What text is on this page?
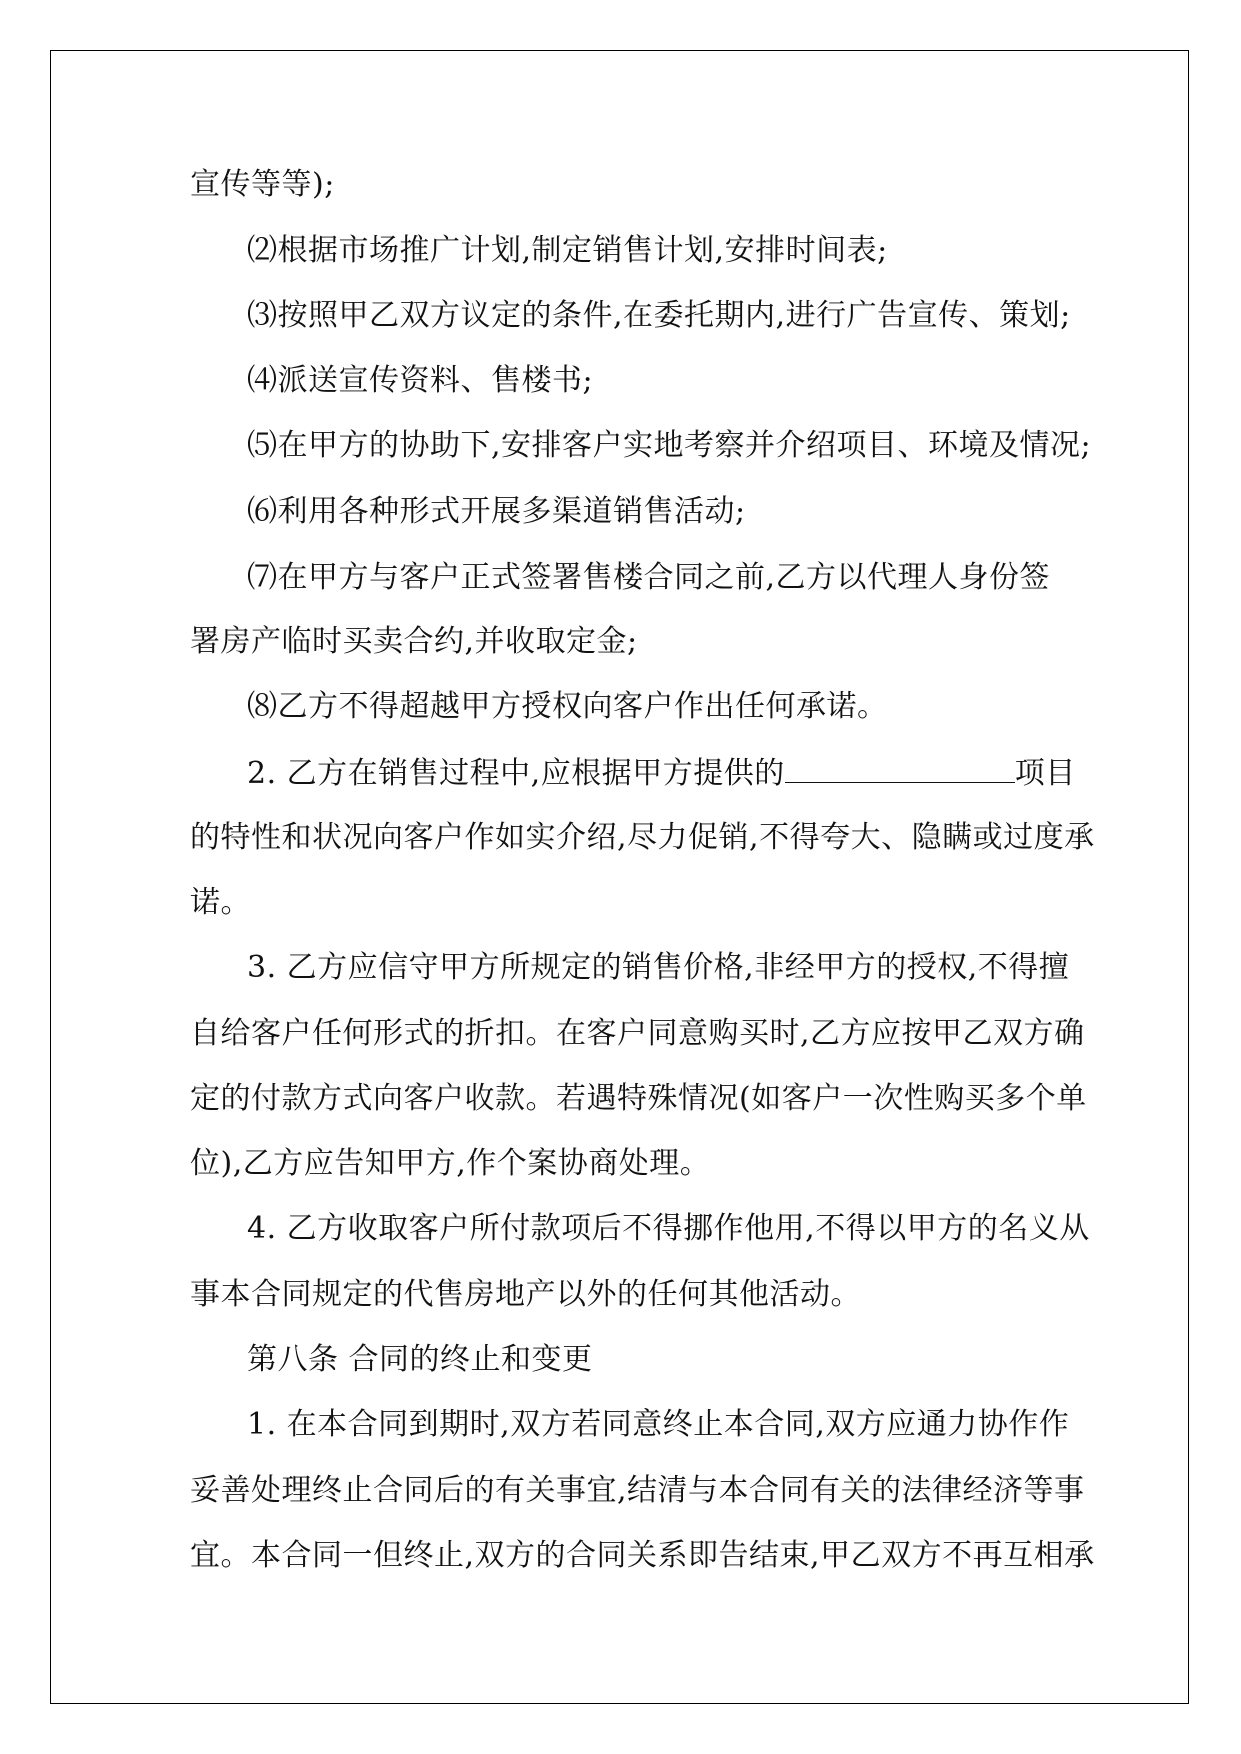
宣传等等);
⑵根据市场推广计划,制定销售计划,安排时间表;
⑶按照甲乙双方议定的条件,在委托期内,进行广告宣传、策划;
⑷派送宣传资料、售楼书;
⑸在甲方的协助下,安排客户实地考察并介绍项目、环境及情况;
⑹利用各种形式开展多渠道销售活动;
⑺在甲方与客户正式签署售楼合同之前,乙方以代理人身份签
署房产临时买卖合约,并收取定金;
⑻乙方不得超越甲方授权向客户作出任何承诺。
2. 乙方在销售过程中,应根据甲方提供的	项目
的特性和状况向客户作如实介绍,尽力促销,不得夸大、隐瞒或过度承
诺。
3. 乙方应信守甲方所规定的销售价格,非经甲方的授权,不得擅
自给客户任何形式的折扣。在客户同意购买时,乙方应按甲乙双方确
定的付款方式向客户收款。若遇特殊情况(如客户一次性购买多个单
位),乙方应告知甲方,作个案协商处理。
4. 乙方收取客户所付款项后不得挪作他用,不得以甲方的名义从
事本合同规定的代售房地产以外的任何其他活动。
第八条 合同的终止和变更
1. 在本合同到期时,双方若同意终止本合同,双方应通力协作作
妥善处理终止合同后的有关事宜,结清与本合同有关的法律经济等事
宜。本合同一但终止,双方的合同关系即告结束,甲乙双方不再互相承
